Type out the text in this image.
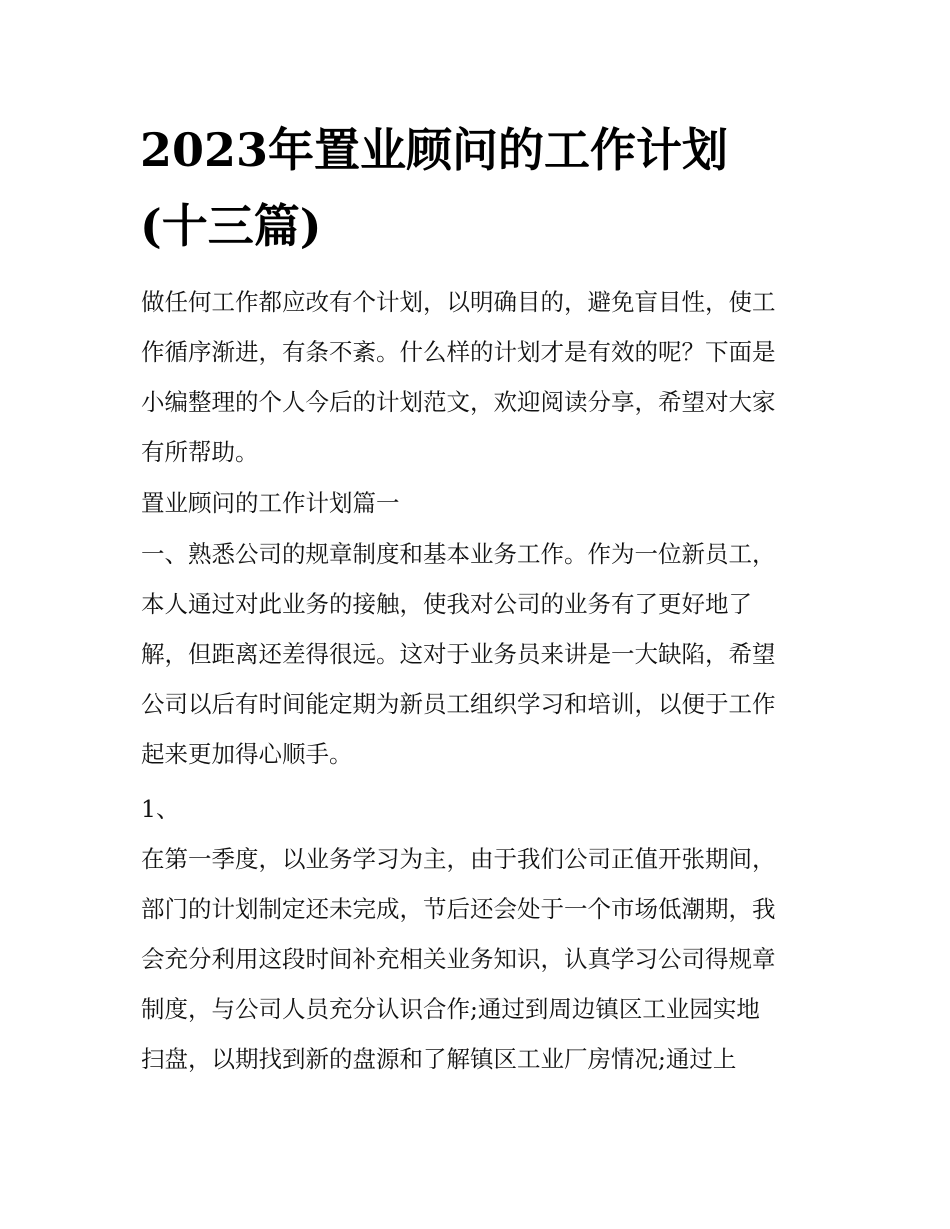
2023年置业顾问的工作计划
(十三篇)
做任何工作都应改有个计划，以明确目的，避免盲目性，使工
作循序渐进，有条不紊。什么样的计划才是有效的呢？下面是
小编整理的个人今后的计划范文，欢迎阅读分享，希望对大家
有所帮助。
置业顾问的工作计划篇一
一、熟悉公司的规章制度和基本业务工作。作为一位新员工，
本人通过对此业务的接触，使我对公司的业务有了更好地了
解，但距离还差得很远。这对于业务员来讲是一大缺陷，希望
公司以后有时间能定期为新员工组织学习和培训，以便于工作
起来更加得心顺手。
1、
在第一季度，以业务学习为主，由于我们公司正值开张期间，
部门的计划制定还未完成，节后还会处于一个市场低潮期，我
会充分利用这段时间补充相关业务知识，认真学习公司得规章
制度，与公司人员充分认识合作;通过到周边镇区工业园实地
扫盘，以期找到新的盘源和了解镇区工业厂房情况;通过上
